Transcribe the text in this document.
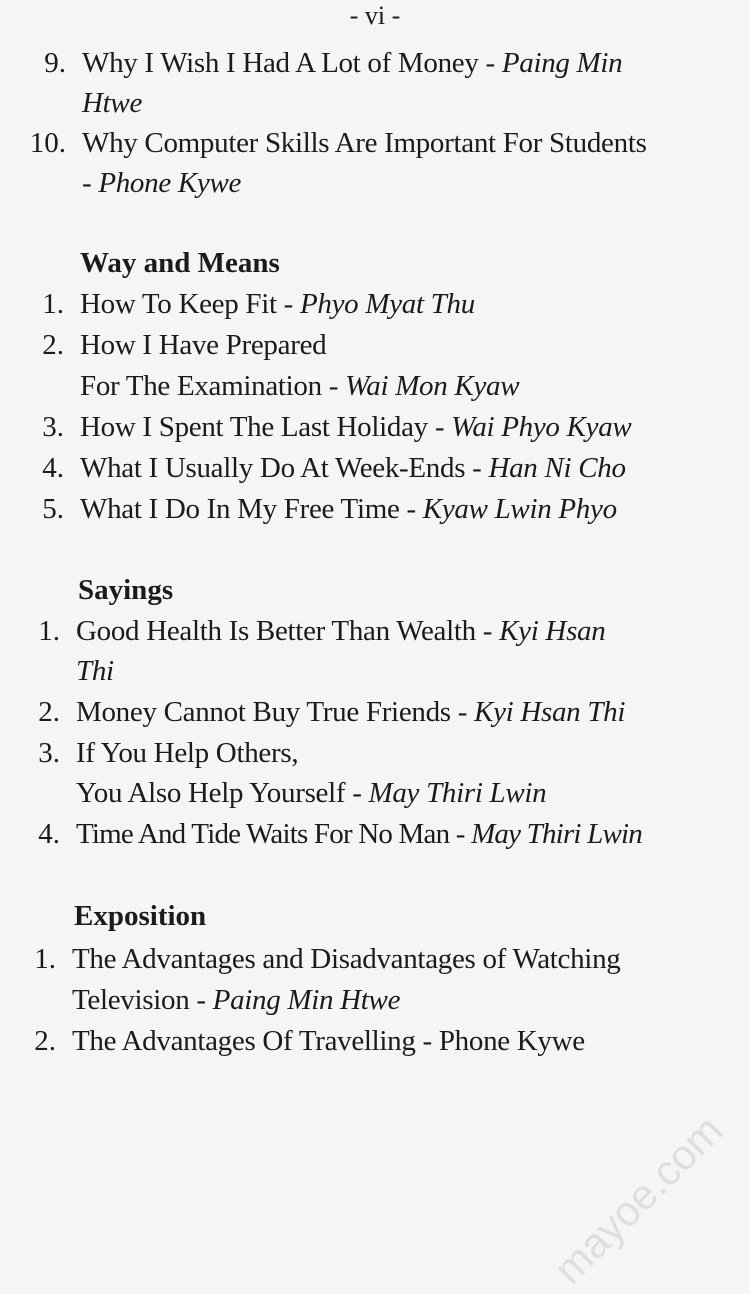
- vi -
9. Why I Wish I Had A Lot of Money - Paing Min
Htwe
10. Why Computer Skills Are Important For Students
- Phone Kywe
Way and Means
1. How To Keep Fit - Phyo Myat Thu
2. How I Have Prepared
For The Examination - Wai Mon Kyaw
3. How I Spent The Last Holiday - Wai Phyo Kyaw
4. What I Usually Do At Week-Ends - Han Ni Cho
5. What I Do In My Free Time - Kyaw Lwin Phyo
Sayings
1. Good Health Is Better Than Wealth - Kyi Hsan
Thi
2. Money Cannot Buy True Friends - Kyi Hsan Thi
3. If You Help Others,
You Also Help Yourself - May Thiri Lwin
4. Time And Tide Waits For No Man - May Thiri Lwin
Exposition
1. The Advantages and Disadvantages of Watching
Television - Paing Min Htwe
2. The Advantages Of Travelling - Phone Kywe
mayoe.com
